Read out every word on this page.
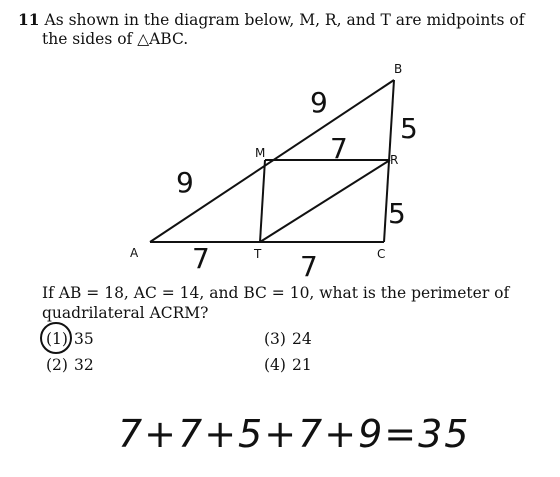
11 As shown in the diagram below, M, R, and T are midpoints of
the sides of △ABC.
B
M	R
A	T	C
9
9
7
7	7
5
5
If AB = 18, AC = 14, and BC = 10, what is the perimeter of
quadrilateral ACRM?
(1) 35
(2) 32
(3) 24
(4) 21
7+7+5+7+9=35
